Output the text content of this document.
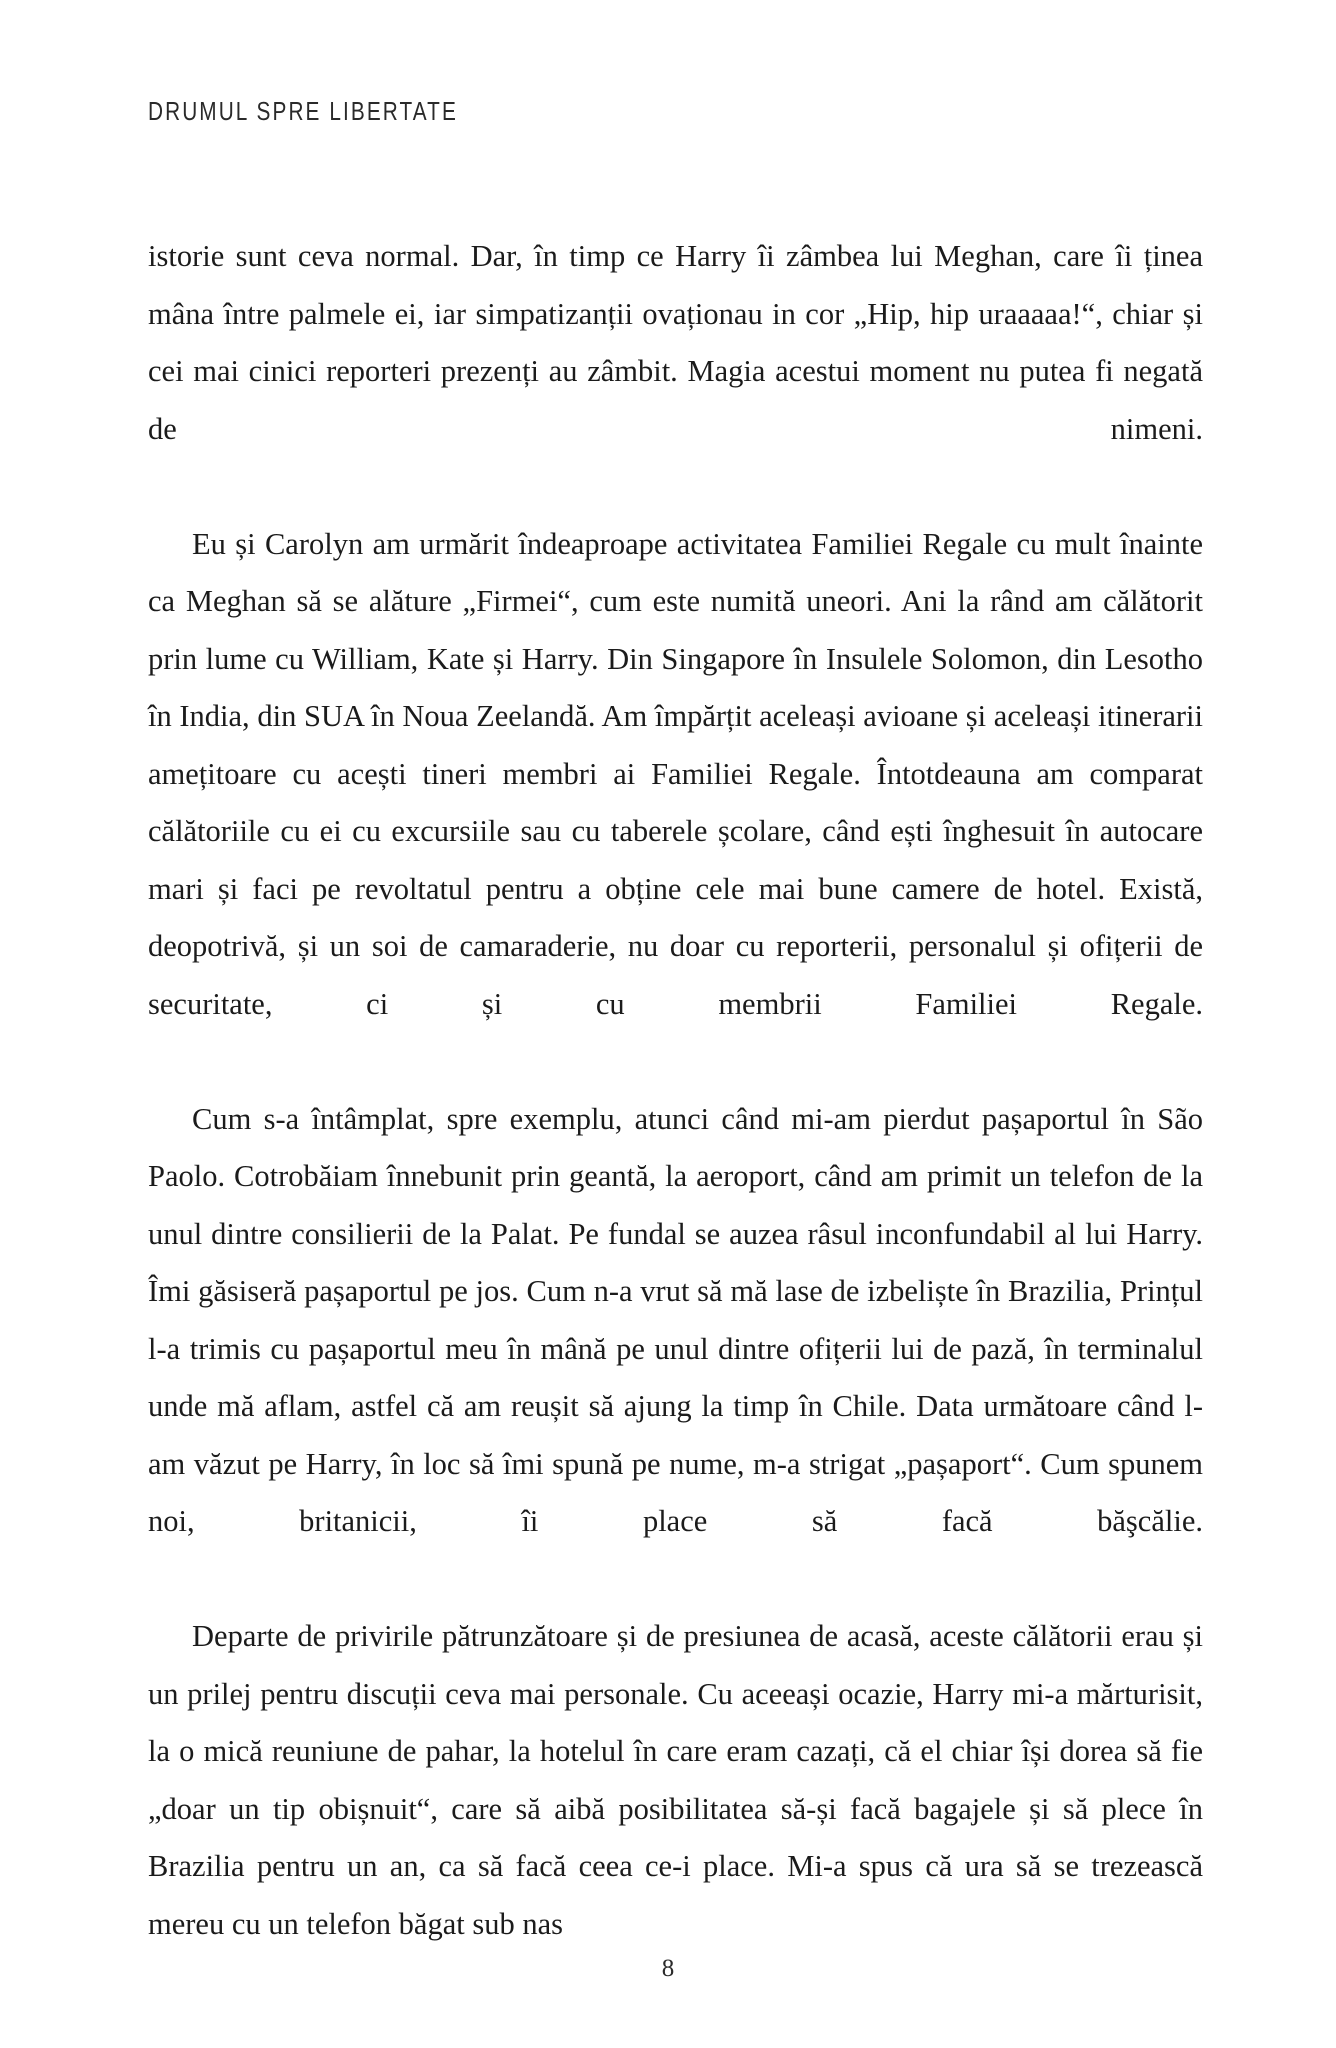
DRUMUL SPRE LIBERTATE

istorie sunt ceva normal. Dar, în timp ce Harry îi zâmbea lui Meghan, care îi ținea mâna între palmele ei, iar simpatizanții ovaționau in cor „Hip, hip uraaaaa!“, chiar și cei mai cinici reporteri prezenți au zâmbit. Magia acestui moment nu putea fi negată de nimeni.

Eu și Carolyn am urmărit îndeaproape activitatea Familiei Regale cu mult înainte ca Meghan să se alăture „Firmei“, cum este numită uneori. Ani la rând am călătorit prin lume cu William, Kate și Harry. Din Singapore în Insulele Solomon, din Lesotho în India, din SUA în Noua Zeelandă. Am împărțit aceleași avioane și aceleași itinerarii amețitoare cu acești tineri membri ai Familiei Regale. Întotdeauna am comparat călătoriile cu ei cu excursiile sau cu taberele școlare, când ești înghesuit în autocare mari și faci pe revoltatul pentru a obține cele mai bune camere de hotel. Există, deopotrivă, și un soi de camaraderie, nu doar cu reporterii, personalul și ofițerii de securitate, ci și cu membrii Familiei Regale.

Cum s-a întâmplat, spre exemplu, atunci când mi-am pierdut pașaportul în São Paolo. Cotrobăiam înnebunit prin geantă, la aeroport, când am primit un telefon de la unul dintre consilierii de la Palat. Pe fundal se auzea râsul inconfundabil al lui Harry. Îmi găsiseră pașaportul pe jos. Cum n-a vrut să mă lase de izbeliște în Brazilia, Prințul l-a trimis cu pașaportul meu în mână pe unul dintre ofițerii lui de pază, în terminalul unde mă aflam, astfel că am reușit să ajung la timp în Chile. Data următoare când l-am văzut pe Harry, în loc să îmi spună pe nume, m-a strigat „pașaport“. Cum spunem noi, britanicii, îi place să facă băşcălie.

Departe de privirile pătrunzătoare și de presiunea de acasă, aceste călătorii erau și un prilej pentru discuții ceva mai personale. Cu aceeași ocazie, Harry mi-a mărturisit, la o mică reuniune de pahar, la hotelul în care eram cazați, că el chiar își dorea să fie „doar un tip obișnuit“, care să aibă posibilitatea să-și facă bagajele și să plece în Brazilia pentru un an, ca să facă ceea ce-i place. Mi-a spus că ura să se trezească mereu cu un telefon băgat sub nas

8
